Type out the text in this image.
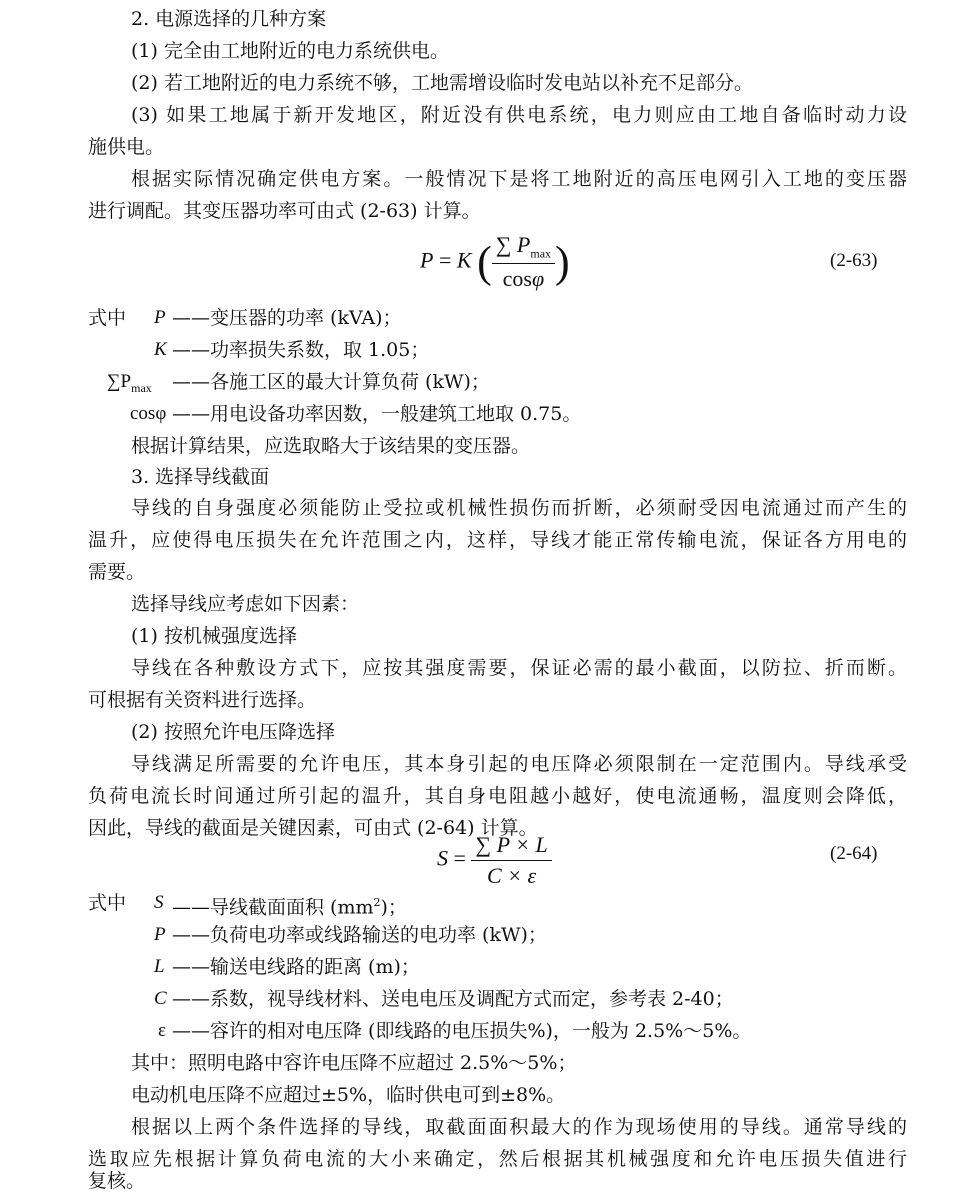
2. 电源选择的几种方案
(1) 完全由工地附近的电力系统供电。
(2) 若工地附近的电力系统不够，工地需增设临时发电站以补充不足部分。
(3) 如果工地属于新开发地区，附近没有供电系统，电力则应由工地自备临时动力设
施供电。
根据实际情况确定供电方案。一般情况下是将工地附近的高压电网引入工地的变压器
进行调配。其变压器功率可由式 (2-63) 计算。
P = K ( $\frac{\sum P_{max}}{\cos\varphi}$ )	(2-63)
式中	P ——变压器的功率 (kVA)；
K ——功率损失系数，取 1.05；
$\sum P_{max}$	——各施工区的最大计算负荷 (kW)；
cosφ ——用电设备功率因数，一般建筑工地取 0.75。
根据计算结果，应选取略大于该结果的变压器。
3. 选择导线截面
导线的自身强度必须能防止受拉或机械性损伤而折断，必须耐受因电流通过而产生的
温升，应使得电压损失在允许范围之内，这样，导线才能正常传输电流，保证各方用电的
需要。
选择导线应考虑如下因素：
(1) 按机械强度选择
导线在各种敷设方式下，应按其强度需要，保证必需的最小截面，以防拉、折而断。
可根据有关资料进行选择。
(2) 按照允许电压降选择
导线满足所需要的允许电压，其本身引起的电压降必须限制在一定范围内。导线承受
负荷电流长时间通过所引起的温升，其自身电阻越小越好，使电流通畅，温度则会降低，
因此，导线的截面是关键因素，可由式 (2-64) 计算。
$S = \frac{\sum P \times L}{C \times \varepsilon}$	(2-64)
式中	S ——导线截面面积 $(mm^2)$；
P ——负荷电功率或线路输送的电功率 (kW)；
L ——输送电线路的距离 (m)；
C ——系数，视导线材料、送电电压及调配方式而定，参考表 2-40；
ε ——容许的相对电压降 (即线路的电压损失%)，一般为 2.5%～5%。
其中：照明电路中容许电压降不应超过 2.5%～5%；
电动机电压降不应超过±5%，临时供电可到±8%。
根据以上两个条件选择的导线，取截面面积最大的作为现场使用的导线。通常导线的
选取应先根据计算负荷电流的大小来确定，然后根据其机械强度和允许电压损失值进行
复核。
